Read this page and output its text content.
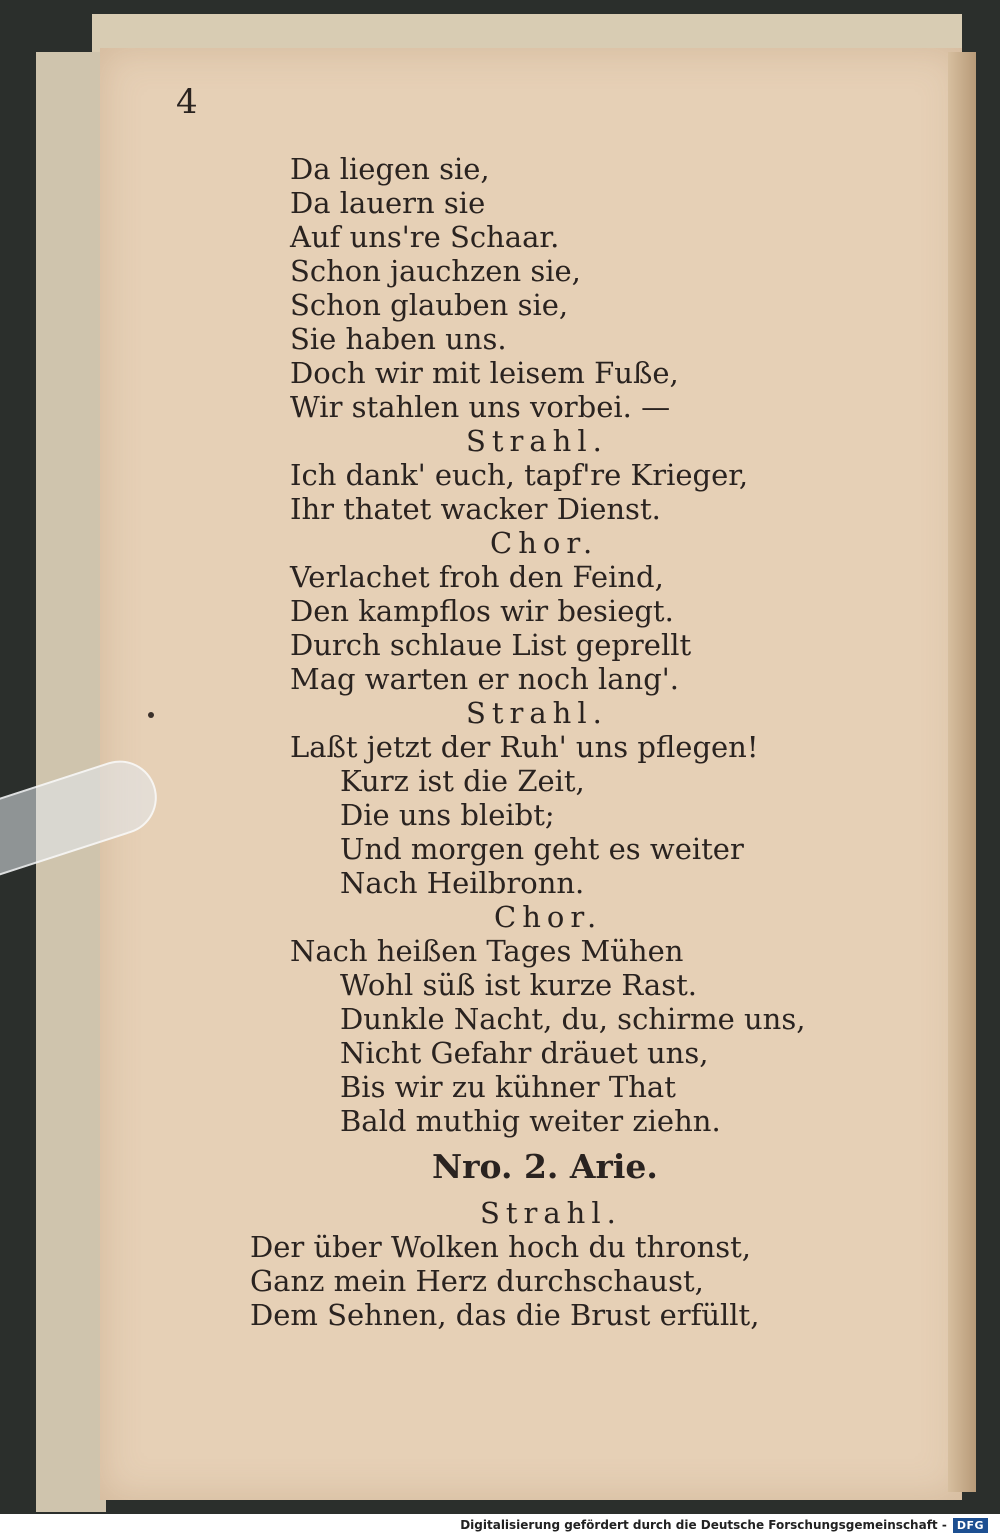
4
Da liegen sie,
Da lauern sie
Auf uns're Schaar.
Schon jauchzen sie,
Schon glauben sie,
Sie haben uns.
Doch wir mit leisem Fuße,
Wir stahlen uns vorbei. —
Strahl.
Ich dank' euch, tapf're Krieger,
Ihr thatet wacker Dienst.
Chor.
Verlachet froh den Feind,
Den kampflos wir besiegt.
Durch schlaue List geprellt
Mag warten er noch lang'.
Strahl.
Laßt jetzt der Ruh' uns pflegen!
Kurz ist die Zeit,
Die uns bleibt;
Und morgen geht es weiter
Nach Heilbronn.
Chor.
Nach heißen Tages Mühen
Wohl süß ist kurze Rast.
Dunkle Nacht, du, schirme uns,
Nicht Gefahr dräuet uns,
Bis wir zu kühner That
Bald muthig weiter ziehn.
Nro. 2. Arie.
Strahl.
Der über Wolken hoch du thronst,
Ganz mein Herz durchschaust,
Dem Sehnen, das die Brust erfüllt,
Digitalisierung gefördert durch die Deutsche Forschungsgemeinschaft - DFG
